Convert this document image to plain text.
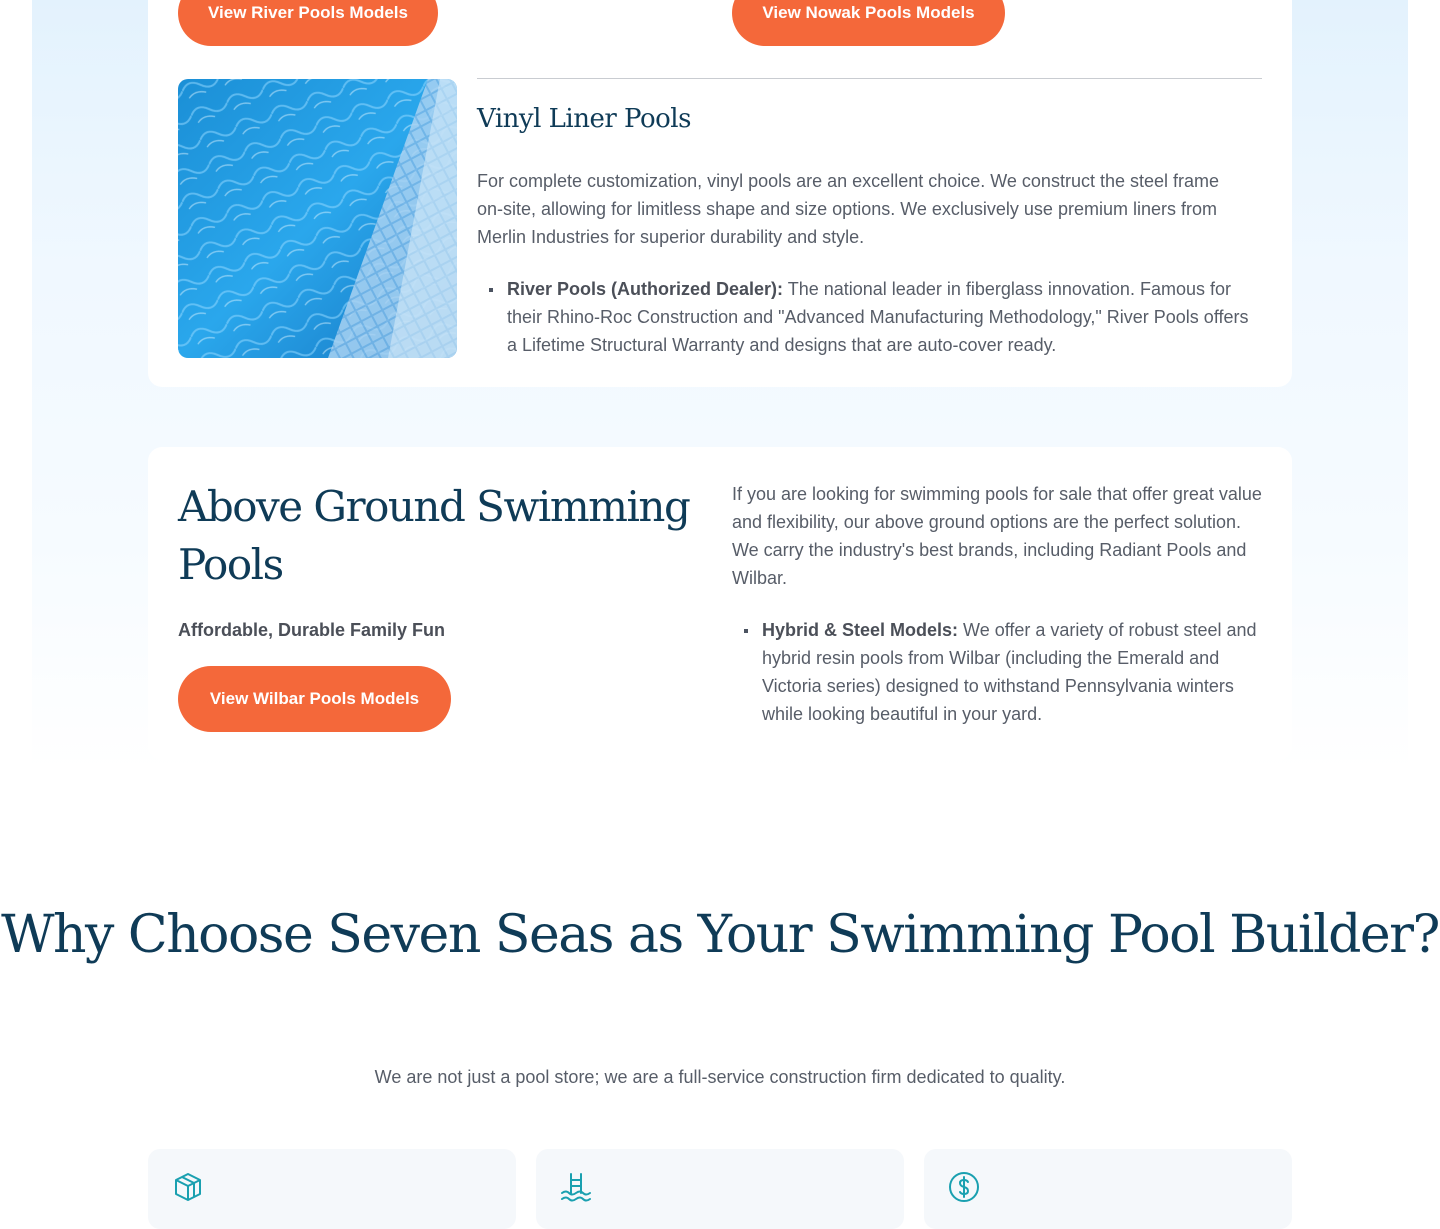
View River Pools Models	View Nowak Pools Models
Vinyl Liner Pools

For complete customization, vinyl pools are an excellent choice. We construct the steel frame on-site, allowing for limitless shape and size options. We exclusively use premium liners from Merlin Industries for superior durability and style.

River Pools (Authorized Dealer): The national leader in fiberglass innovation. Famous for their Rhino-Roc Construction and "Advanced Manufacturing Methodology," River Pools offers a Lifetime Structural Warranty and designs that are auto-cover ready.
Above Ground Swimming Pools

Affordable, Durable Family Fun

View Wilbar Pools Models

If you are looking for swimming pools for sale that offer great value and flexibility, our above ground options are the perfect solution. We carry the industry's best brands, including Radiant Pools and Wilbar.

Hybrid & Steel Models: We offer a variety of robust steel and hybrid resin pools from Wilbar (including the Emerald and Victoria series) designed to withstand Pennsylvania winters while looking beautiful in your yard.
Why Choose Seven Seas as Your Swimming Pool Builder?

We are not just a pool store; we are a full-service construction firm dedicated to quality.
